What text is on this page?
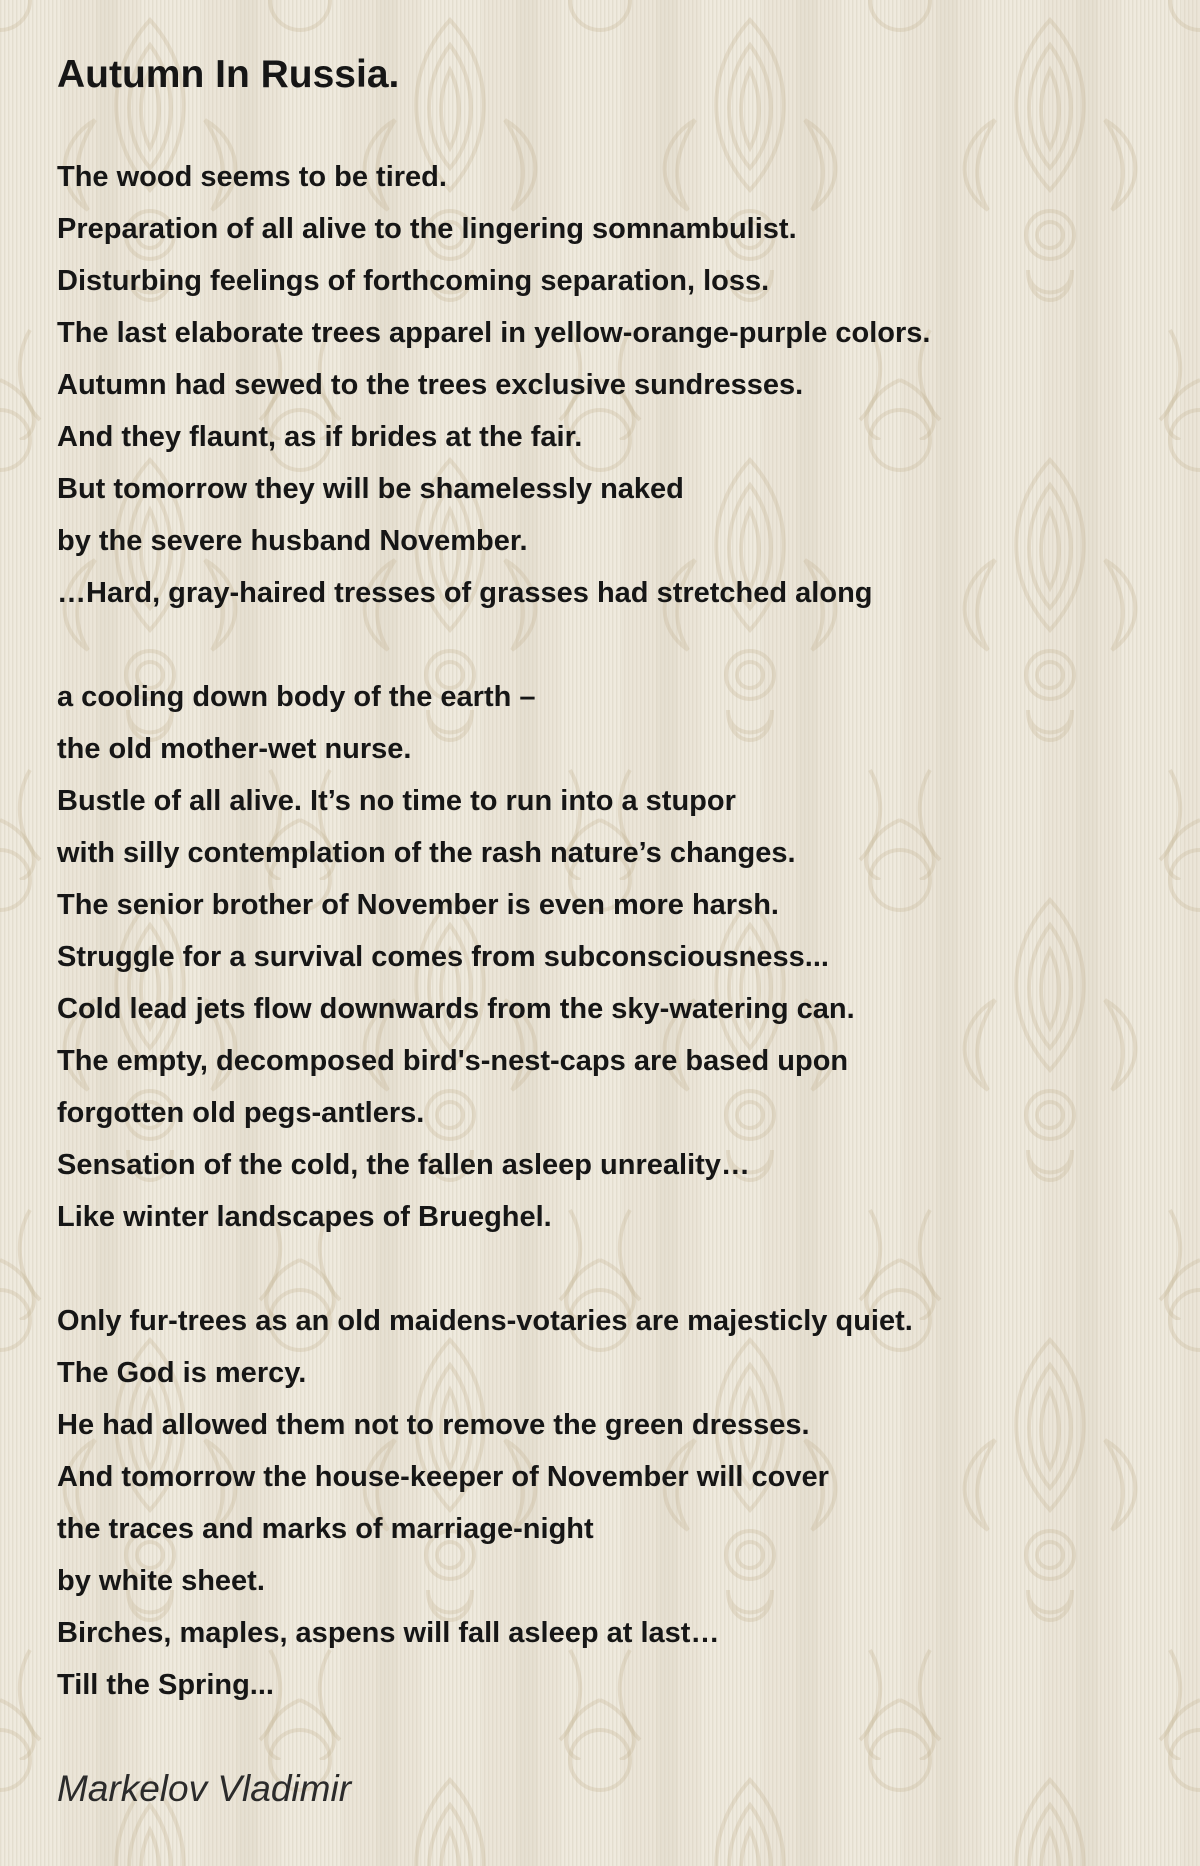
Autumn In Russia.
The wood seems to be tired.
Preparation of all alive to the lingering somnambulist.
Disturbing feelings of forthcoming separation, loss.
The last elaborate trees apparel in yellow-orange-purple colors.
Autumn had sewed to the trees exclusive sundresses.
And they flaunt, as if brides at the fair.
But tomorrow they will be shamelessly naked
by the severe husband November.
…Hard, gray-haired tresses of grasses had stretched along
a cooling down body of the earth –
the old mother-wet nurse.
Bustle of all alive. It’s no time to run into a stupor
with silly contemplation of the rash nature’s changes.
The senior brother of November is even more harsh.
Struggle for a survival comes from subconsciousness...
Cold lead jets flow downwards from the sky-watering can.
The empty, decomposed bird's-nest-caps are based upon
forgotten old pegs-antlers.
Sensation of the cold, the fallen asleep unreality…
Like winter landscapes of Brueghel.
Only fur-trees as an old maidens-votaries are majesticly quiet.
The God is mercy.
He had allowed them not to remove the green dresses.
And tomorrow the house-keeper of November will cover
the traces and marks of marriage-night
by white sheet.
Birches, maples, aspens will fall asleep at last…
Till the Spring...
Markelov Vladimir
